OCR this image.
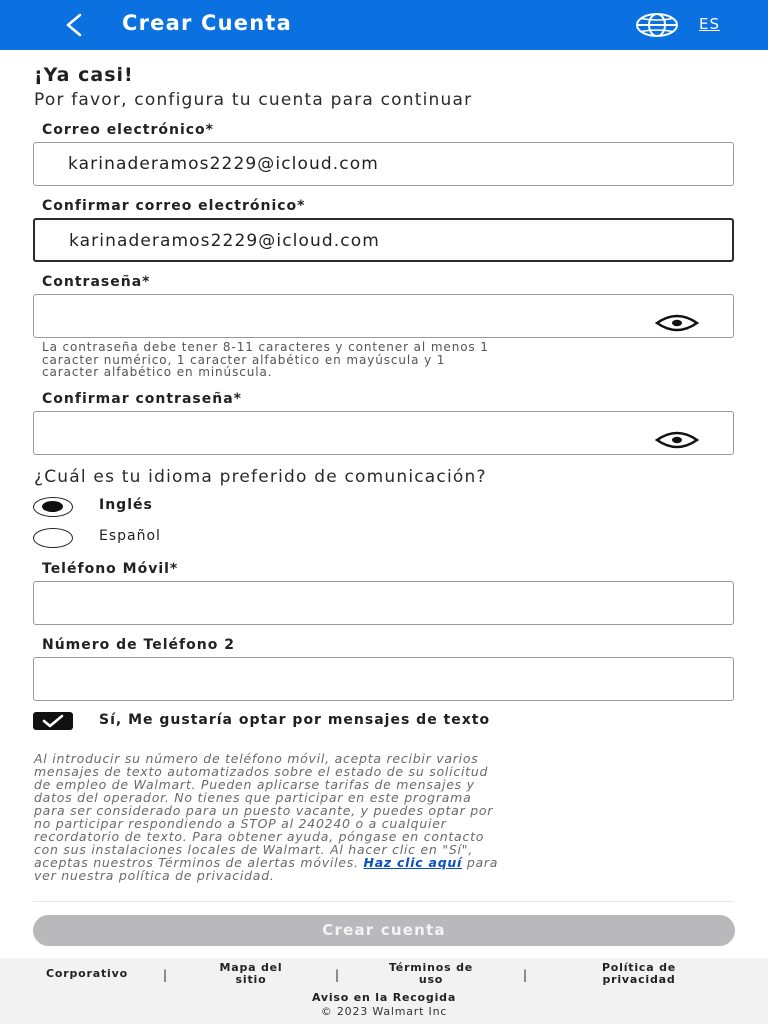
Crear Cuenta	ES
¡Ya casi!
Por favor, configura tu cuenta para continuar
Correo electrónico*
karinaderamos2229@icloud.com
Confirmar correo electrónico*
karinaderamos2229@icloud.com
Contraseña*
La contraseña debe tener 8-11 caracteres y contener al menos 1
caracter numérico, 1 caracter alfabético en mayúscula y 1
caracter alfabético en minúscula.
Confirmar contraseña*
¿Cuál es tu idioma preferido de comunicación?
Inglés
Español
Teléfono Móvil*
Número de Teléfono 2
Sí, Me gustaría optar por mensajes de texto
Al introducir su número de teléfono móvil, acepta recibir varios
mensajes de texto automatizados sobre el estado de su solicitud
de empleo de Walmart. Pueden aplicarse tarifas de mensajes y
datos del operador. No tienes que participar en este programa
para ser considerado para un puesto vacante, y puedes optar por
no participar respondiendo a STOP al 240240 o a cualquier
recordatorio de texto. Para obtener ayuda, póngase en contacto
con sus instalaciones locales de Walmart. Al hacer clic en "Sí",
aceptas nuestros Términos de alertas móviles. Haz clic aquí para
ver nuestra política de privacidad.
Crear cuenta
Corporativo	|
Mapa del
sitio	|
Términos de
uso	|
Política de
privacidad
Aviso en la Recogida
© 2023 Walmart Inc
